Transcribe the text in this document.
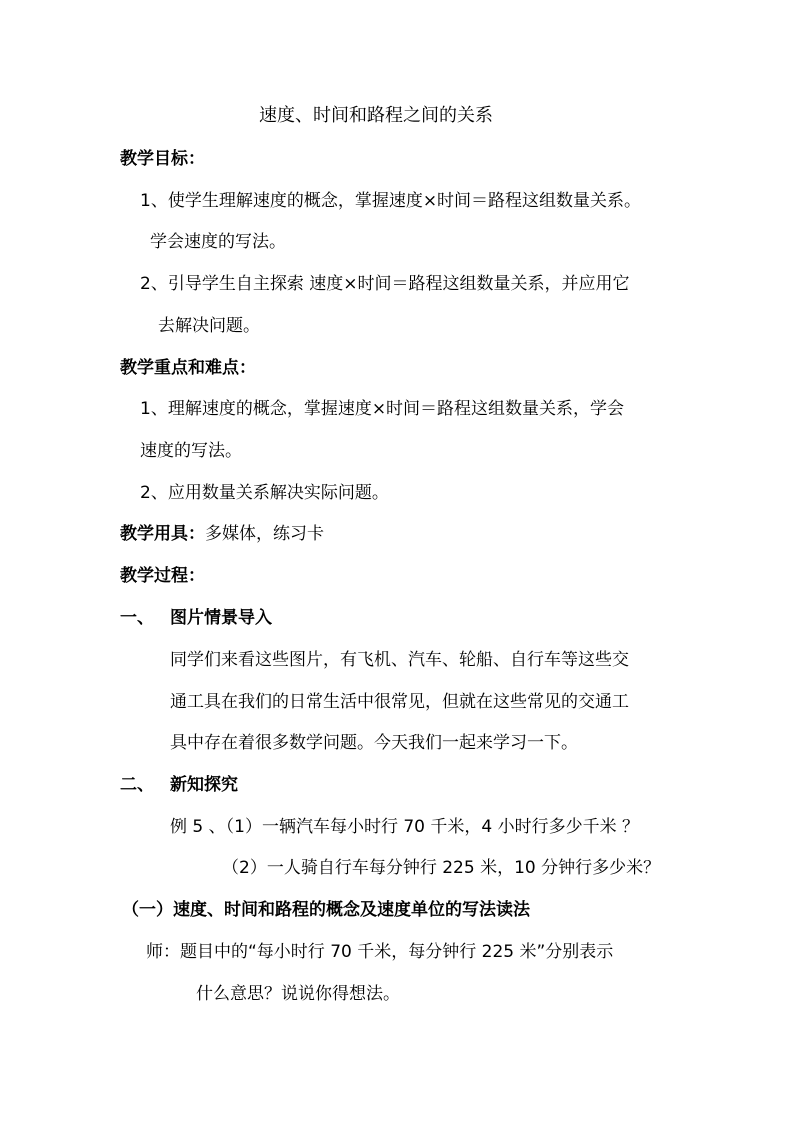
速度、时间和路程之间的关系
教学目标：
1、使学生理解速度的概念，掌握速度×时间＝路程这组数量关系。
学会速度的写法。
2、引导学生自主探索 速度×时间＝路程这组数量关系，并应用它
去解决问题。
教学重点和难点：
1、理解速度的概念，掌握速度×时间＝路程这组数量关系，学会
速度的写法。
2、应用数量关系解决实际问题。
教学用具：多媒体，练习卡
教学过程：
一、 图片情景导入
同学们来看这些图片，有飞机、汽车、轮船、自行车等这些交
通工具在我们的日常生活中很常见，但就在这些常见的交通工
具中存在着很多数学问题。今天我们一起来学习一下。
二、 新知探究
例 5 、（1）一辆汽车每小时行 70 千米，4 小时行多少千米 ？
（2）一人骑自行车每分钟行 225 米，10 分钟行多少米？
（一）速度、时间和路程的概念及速度单位的写法读法
师：题目中的“每小时行 70 千米，每分钟行 225 米”分别表示
什么意思？说说你得想法。
